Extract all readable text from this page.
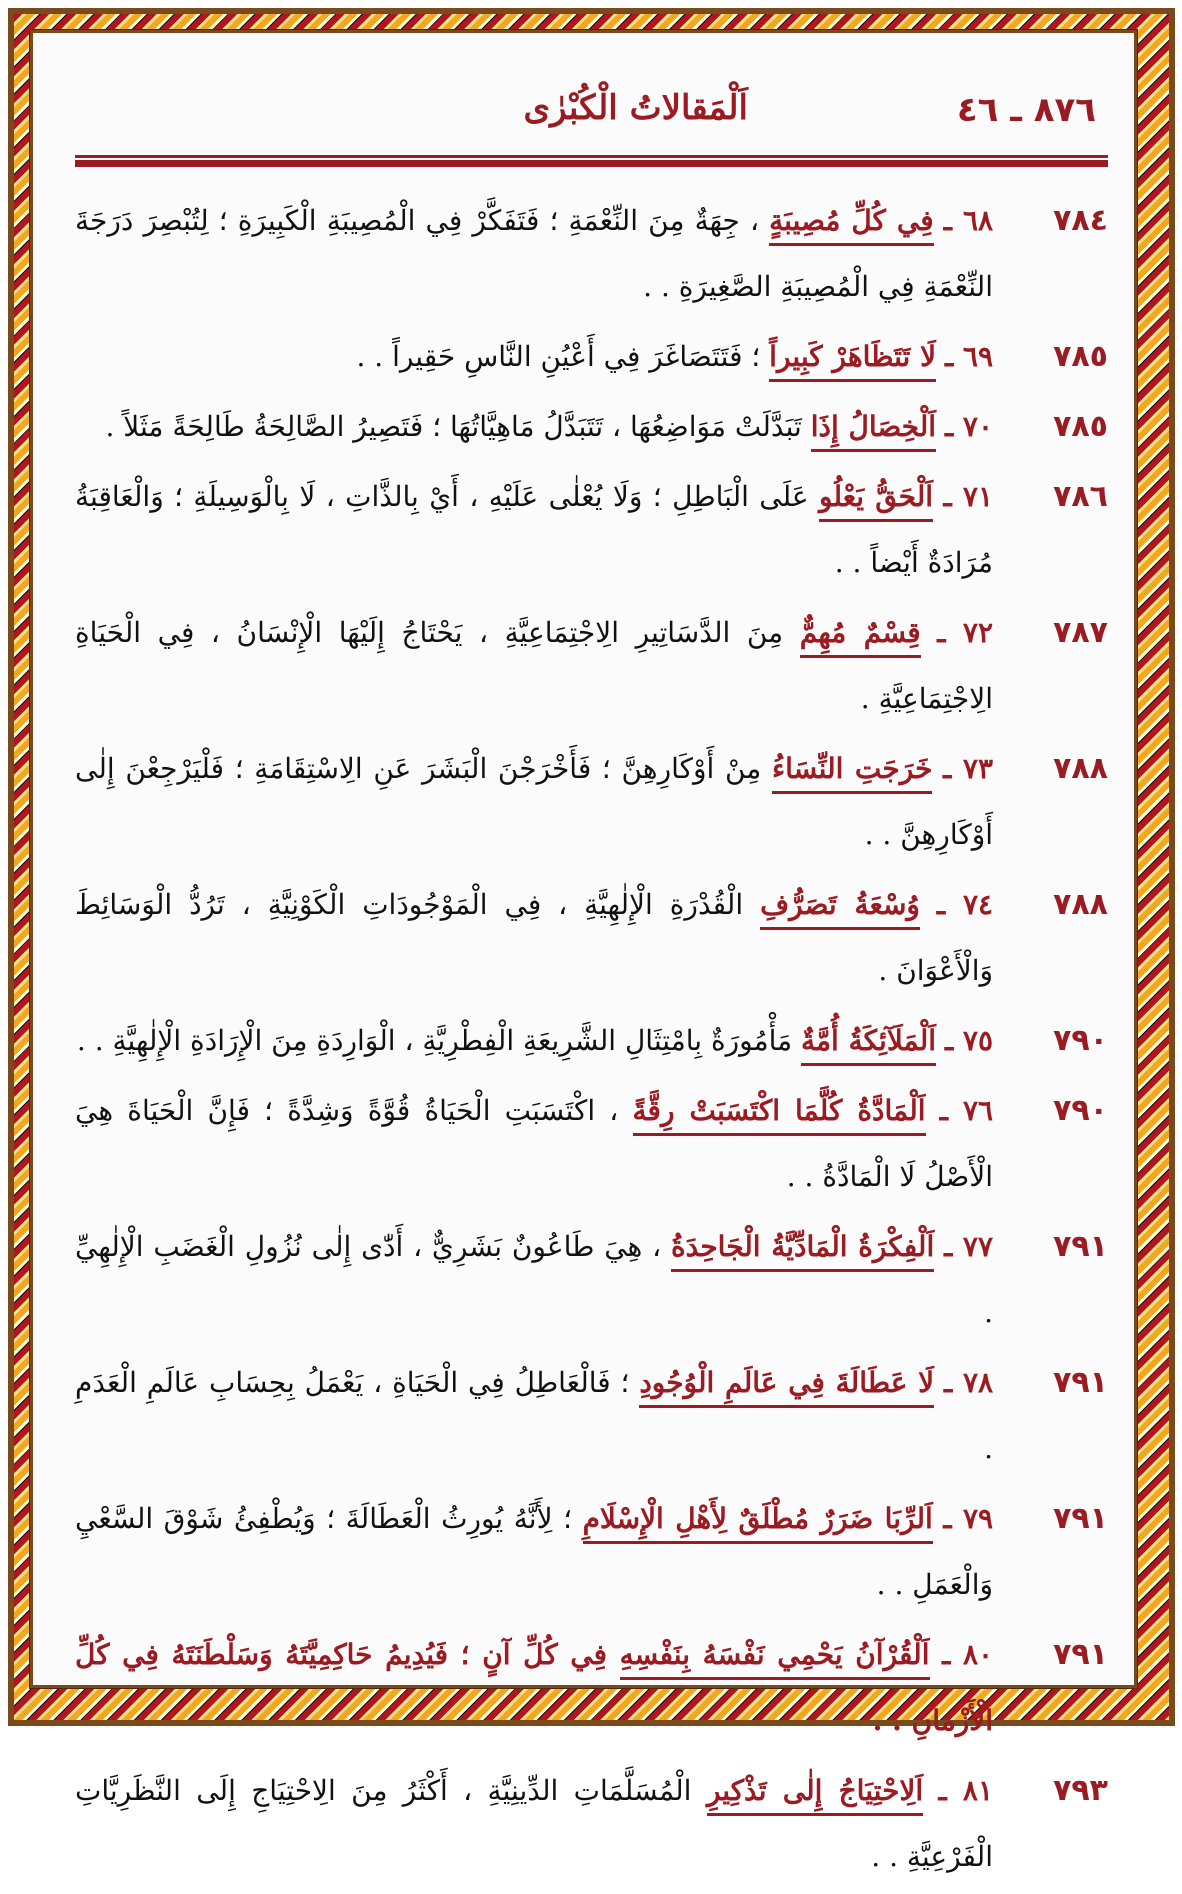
٨٧٦ ـ ٤٦
اَلْمَقالاتُ الْكُبْرٰى
٧٨٤
٦٨ ـ فِي كُلِّ مُصِيبَةٍ ، جِهَةٌ مِنَ النِّعْمَةِ ؛ فَتَفَكَّرْ فِي الْمُصِيبَةِ الْكَبِيرَةِ ؛ لِتُبْصِرَ دَرَجَةَ النِّعْمَةِ فِي الْمُصِيبَةِ الصَّغِيرَةِ . .
٧٨٥
٦٩ ـ لَا تَتَظَاهَرْ كَبِيراً ؛ فَتَتَصَاغَرَ فِي أَعْيُنِ النَّاسِ حَقِيراً . .
٧٨٥
٧٠ ـ اَلْخِصَالُ إِذَا تَبَدَّلَتْ مَوَاضِعُهَا ، تَتَبَدَّلُ مَاهِيَّاتُهَا ؛ فَتَصِيرُ الصَّالِحَةُ طَالِحَةً مَثَلاً .
٧٨٦
٧١ ـ اَلْحَقُّ يَعْلُو عَلَى الْبَاطِلِ ؛ وَلَا يُعْلٰى عَلَيْهِ ، أَيْ بِالذَّاتِ ، لَا بِالْوَسِيلَةِ ؛ وَالْعَاقِبَةُ مُرَادَةٌ أَيْضاً . .
٧٨٧
٧٢ ـ قِسْمٌ مُهِمٌّ مِنَ الدَّسَاتِيرِ الِاجْتِمَاعِيَّةِ ، يَحْتَاجُ إِلَيْهَا الْإِنْسَانُ ، فِي الْحَيَاةِ الِاجْتِمَاعِيَّةِ .
٧٨٨
٧٣ ـ خَرَجَتِ النِّسَاءُ مِنْ أَوْكَارِهِنَّ ؛ فَأَخْرَجْنَ الْبَشَرَ عَنِ الِاسْتِقَامَةِ ؛ فَلْيَرْجِعْنَ إِلٰى أَوْكَارِهِنَّ . .
٧٨٨
٧٤ ـ وُسْعَةُ تَصَرُّفِ الْقُدْرَةِ الْإِلٰهِيَّةِ ، فِي الْمَوْجُودَاتِ الْكَوْنِيَّةِ ، تَرُدُّ الْوَسَائِطَ وَالْأَعْوَانَ .
٧٩٠
٧٥ ـ اَلْمَلَآئِكَةُ أُمَّةٌ مَأْمُورَةٌ بِامْتِثَالِ الشَّرِيعَةِ الْفِطْرِيَّةِ ، الْوَارِدَةِ مِنَ الْإِرَادَةِ الْإِلٰهِيَّةِ . .
٧٩٠
٧٦ ـ اَلْمَادَّةُ كُلَّمَا اكْتَسَبَتْ رِقَّةً ، اكْتَسَبَتِ الْحَيَاةُ قُوَّةً وَشِدَّةً ؛ فَإِنَّ الْحَيَاةَ هِيَ الْأَصْلُ لَا الْمَادَّةُ . .
٧٩١
٧٧ ـ اَلْفِكْرَةُ الْمَادِّيَّةُ الْجَاحِدَةُ ، هِيَ طَاعُونٌ بَشَرِيٌّ ، أَدّٰى إِلٰى نُزُولِ الْغَضَبِ الْإِلٰهِيِّ .
٧٩١
٧٨ ـ لَا عَطَالَةَ فِي عَالَمِ الْوُجُودِ ؛ فَالْعَاطِلُ فِي الْحَيَاةِ ، يَعْمَلُ بِحِسَابِ عَالَمِ الْعَدَمِ .
٧٩١
٧٩ ـ اَلرِّبَا ضَرَرٌ مُطْلَقٌ لِأَهْلِ الْإِسْلَامِ ؛ لِأَنَّهُ يُورِثُ الْعَطَالَةَ ؛ وَيُطْفِئُ شَوْقَ السَّعْيِ وَالْعَمَلِ . .
٧٩١
٨٠ ـ اَلْقُرْآنُ يَحْمِي نَفْسَهُ بِنَفْسِهِ فِي كُلِّ آنٍ ؛ فَيُدِيمُ حَاكِمِيَّتَهُ وَسَلْطَنَتَهُ فِي كُلِّ الْأَزْمَانِ . .
٧٩٣
٨١ ـ اَلِاحْتِيَاجُ إِلٰى تَذْكِيرِ الْمُسَلَّمَاتِ الدِّينِيَّةِ ، أَكْثَرُ مِنَ الِاحْتِيَاجِ إِلَى النَّظَرِيَّاتِ الْفَرْعِيَّةِ . .
